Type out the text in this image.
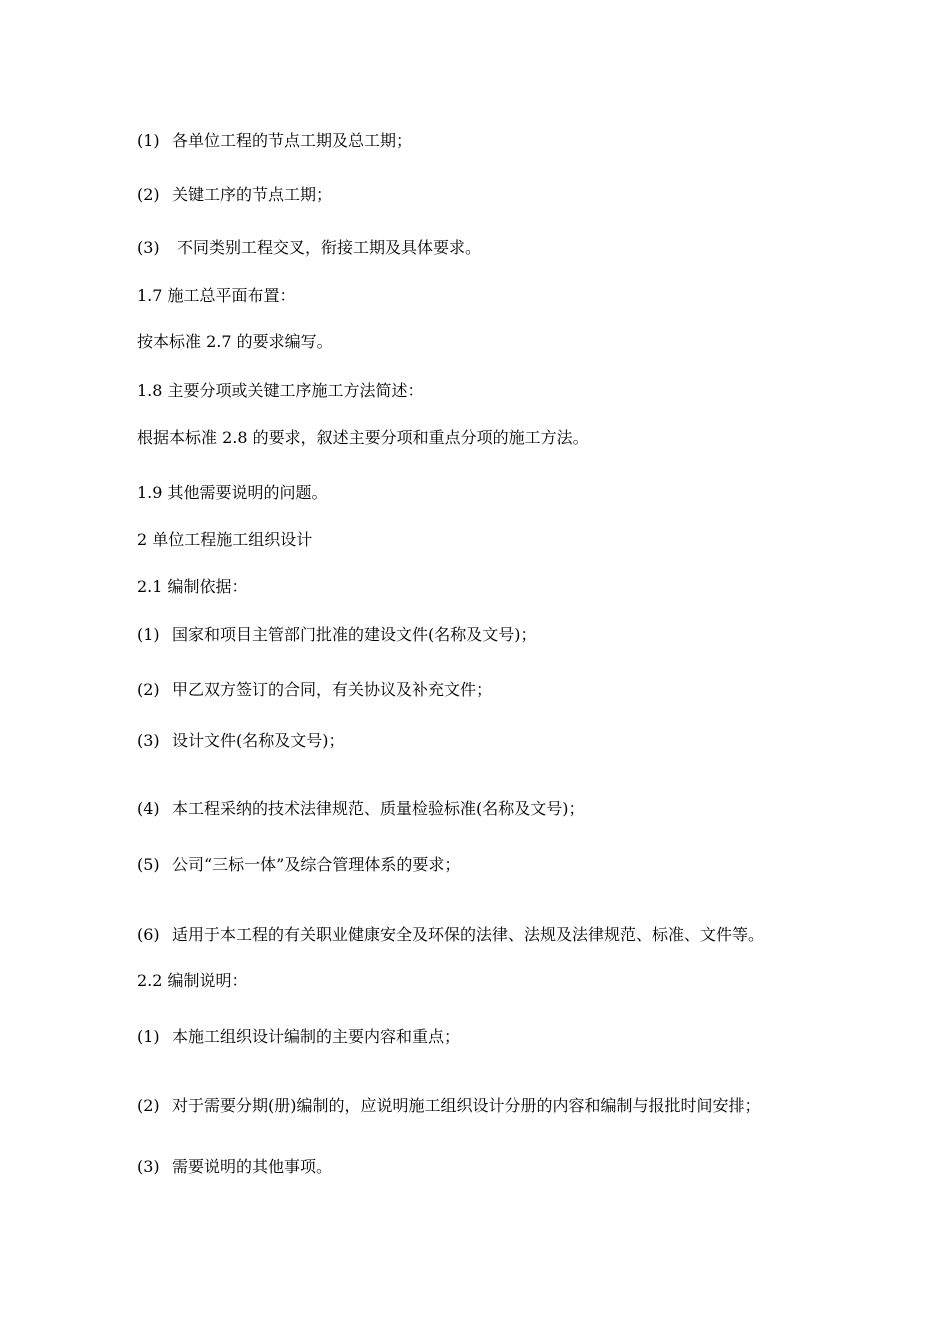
(1) 各单位工程的节点工期及总工期；
(2) 关键工序的节点工期；
(3) 不同类别工程交叉，衔接工期及具体要求。
1.7 施工总平面布置：
按本标准 2.7 的要求编写。
1.8 主要分项或关键工序施工方法简述：
根据本标准 2.8 的要求，叙述主要分项和重点分项的施工方法。
1.9 其他需要说明的问题。
2 单位工程施工组织设计
2.1 编制依据：
(1) 国家和项目主管部门批准的建设文件(名称及文号)；
(2) 甲乙双方签订的合同，有关协议及补充文件；
(3) 设计文件(名称及文号)；
(4) 本工程采纳的技术法律规范、质量检验标准(名称及文号)；
(5) 公司“三标一体”及综合管理体系的要求；
(6) 适用于本工程的有关职业健康安全及环保的法律、法规及法律规范、标准、文件等。
2.2 编制说明：
(1) 本施工组织设计编制的主要内容和重点；
(2) 对于需要分期(册)编制的，应说明施工组织设计分册的内容和编制与报批时间安排；
(3) 需要说明的其他事项。
